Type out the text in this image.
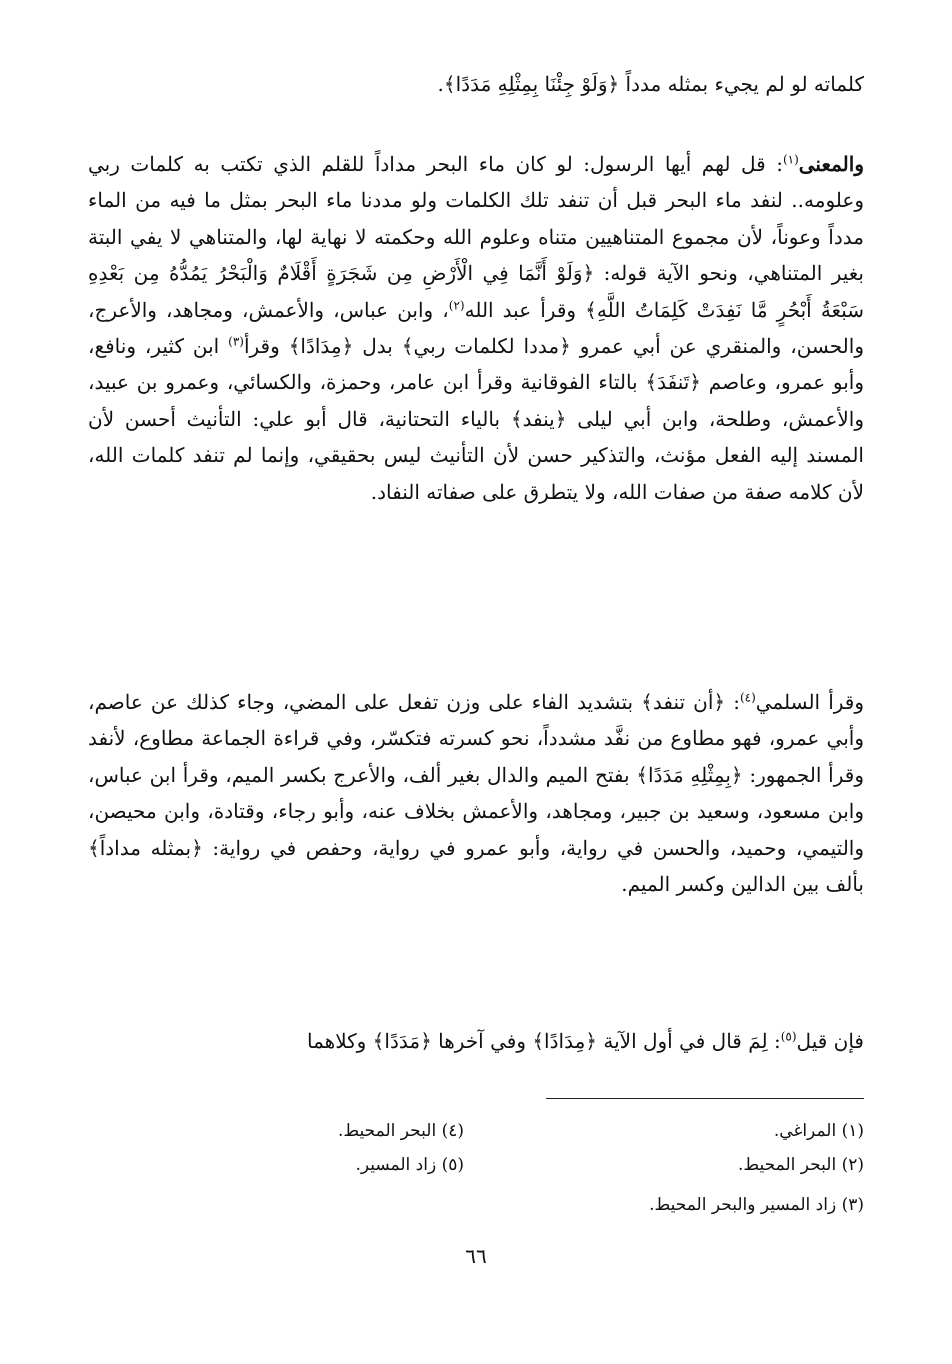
كلماته لو لم يجيء بمثله مدداً ﴿وَلَوْ جِئْنَا بِمِثْلِهِ مَدَدًا﴾.

والمعنى$^{(١)}$: قل لهم أيها الرسول: لو كان ماء البحر مداداً للقلم الذي تكتب به كلمات ربي وعلومه.. لنفد ماء البحر قبل أن تنفد تلك الكلمات ولو مددنا ماء البحر بمثل ما فيه من الماء مدداً وعوناً، لأن مجموع المتناهيين متناه وعلوم الله وحكمته لا نهاية لها، والمتناهي لا يفي البتة بغير المتناهي، ونحو الآية قوله: ﴿وَلَوْ أَنَّمَا فِي الْأَرْضِ مِن شَجَرَةٍ أَقْلَامٌ وَالْبَحْرُ يَمُدُّهُ مِن بَعْدِهِ سَبْعَةُ أَبْحُرٍ مَّا نَفِدَتْ كَلِمَاتُ اللَّهِ﴾ وقرأ عبد الله$^{(٢)}$، وابن عباس، والأعمش، ومجاهد، والأعرج، والحسن، والمنقري عن أبي عمرو ﴿مددا لكلمات ربي﴾ بدل ﴿مِدَادًا﴾ وقرأ$^{(٣)}$ ابن كثير، ونافع، وأبو عمرو، وعاصم ﴿تَنفَدَ﴾ بالتاء الفوقانية وقرأ ابن عامر، وحمزة، والكسائي، وعمرو بن عبيد، والأعمش، وطلحة، وابن أبي ليلى ﴿ينفد﴾ بالياء التحتانية، قال أبو علي: التأنيث أحسن لأن المسند إليه الفعل مؤنث، والتذكير حسن لأن التأنيث ليس بحقيقي، وإنما لم تنفد كلمات الله، لأن كلامه صفة من صفات الله، ولا يتطرق على صفاته النفاد.

وقرأ السلمي$^{(٤)}$: ﴿أن تنفد﴾ بتشديد الفاء على وزن تفعل على المضي، وجاء كذلك عن عاصم، وأبي عمرو، فهو مطاوع من نفَّد مشدداً، نحو كسرته فتكسّر، وفي قراءة الجماعة مطاوع، لأنفد وقرأ الجمهور: ﴿بِمِثْلِهِ مَدَدًا﴾ بفتح الميم والدال بغير ألف، والأعرج بكسر الميم، وقرأ ابن عباس، وابن مسعود، وسعيد بن جبير، ومجاهد، والأعمش بخلاف عنه، وأبو رجاء، وقتادة، وابن محيصن، والتيمي، وحميد، والحسن في رواية، وأبو عمرو في رواية، وحفص في رواية: ﴿بمثله مداداً﴾ بألف بين الدالين وكسر الميم.

فإن قيل$^{(٥)}$: لِمَ قال في أول الآية ﴿مِدَادًا﴾ وفي آخرها ﴿مَدَدًا﴾ وكلاهما

(١) المراغي.
(٢) البحر المحيط.
(٣) زاد المسير والبحر المحيط.
(٤) البحر المحيط.
(٥) زاد المسير.
٦٦
